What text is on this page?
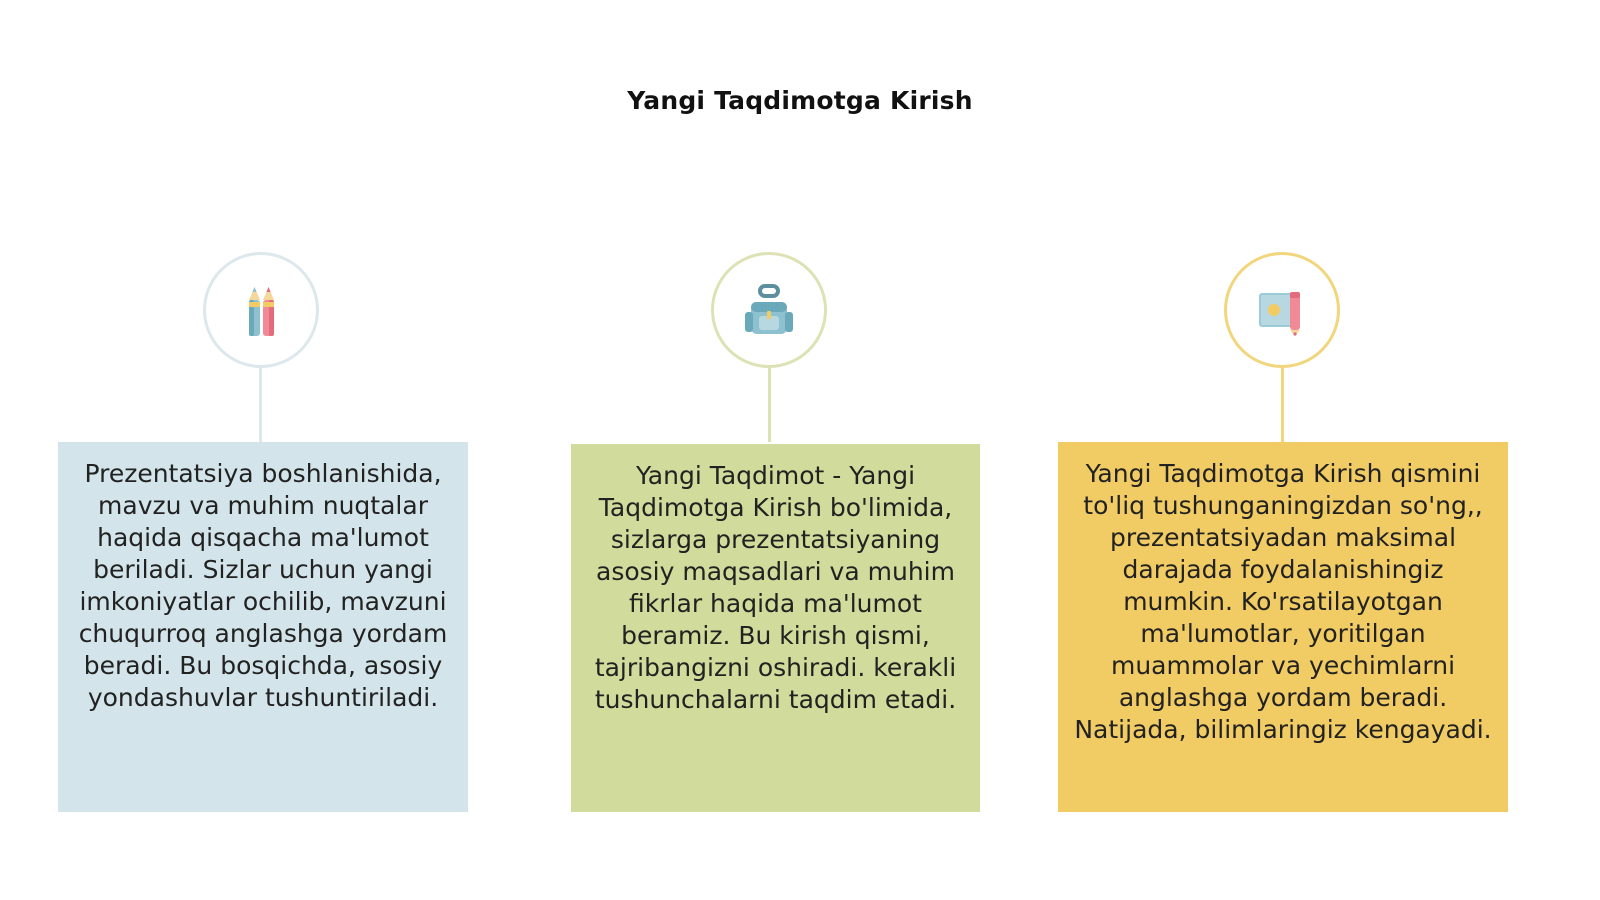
Yangi Taqdimotga Kirish
Prezentatsiya boshlanishida, mavzu va muhim nuqtalar haqida qisqacha ma'lumot beriladi. Sizlar uchun yangi imkoniyatlar ochilib, mavzuni chuqurroq anglashga yordam beradi. Bu bosqichda, asosiy yondashuvlar tushuntiriladi.
Yangi Taqdimot - Yangi Taqdimotga Kirish bo'limida, sizlarga prezentatsiyaning asosiy maqsadlari va muhim fikrlar haqida ma'lumot beramiz. Bu kirish qismi, tajribangizni oshiradi. kerakli tushunchalarni taqdim etadi.
Yangi Taqdimotga Kirish qismini to'liq tushunganingizdan so'ng,, prezentatsiyadan maksimal darajada foydalanishingiz mumkin. Ko'rsatilayotgan ma'lumotlar, yoritilgan muammolar va yechimlarni anglashga yordam beradi. Natijada, bilimlaringiz kengayadi.
